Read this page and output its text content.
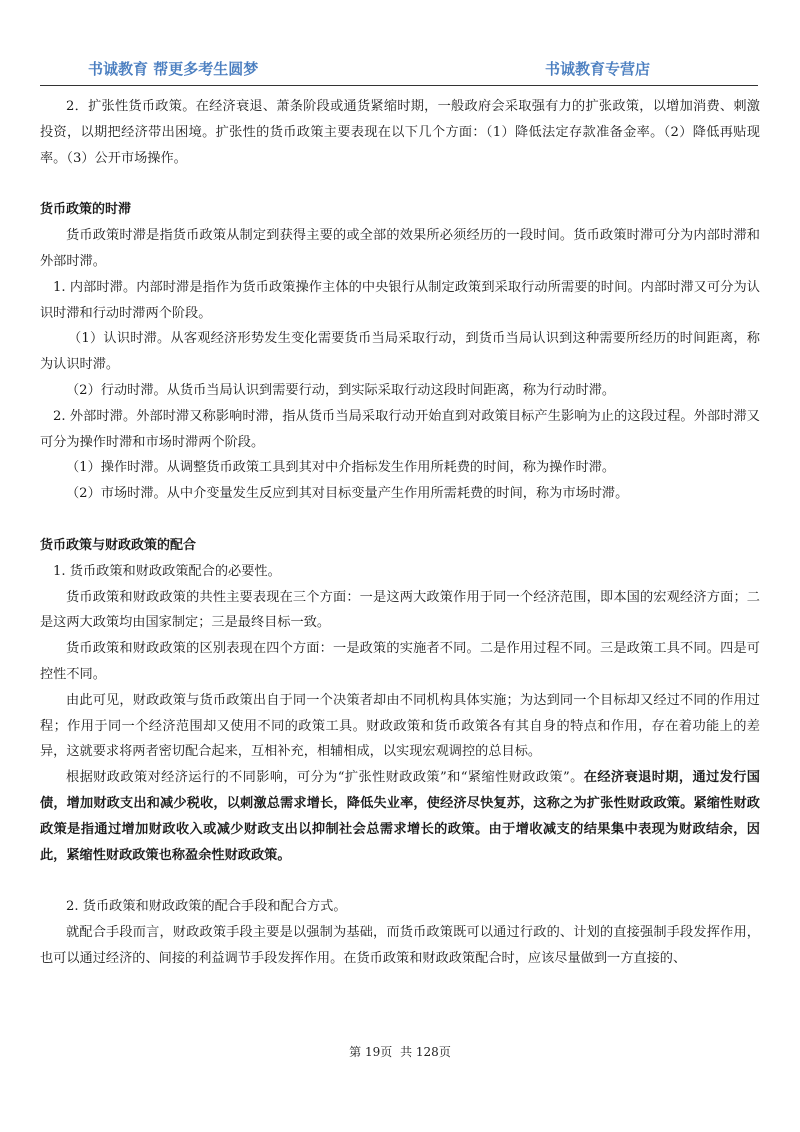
书诚教育 帮更多考生圆梦	书诚教育专营店

2．扩张性货币政策。在经济衰退、萧条阶段或通货紧缩时期，一般政府会采取强有力的扩张政策，以增加消费、刺激投资，以期把经济带出困境。扩张性的货币政策主要表现在以下几个方面：（1）降低法定存款准备金率。（2）降低再贴现率。（3）公开市场操作。

货币政策的时滞

货币政策时滞是指货币政策从制定到获得主要的或全部的效果所必须经历的一段时间。货币政策时滞可分为内部时滞和外部时滞。

1. 内部时滞。内部时滞是指作为货币政策操作主体的中央银行从制定政策到采取行动所需要的时间。内部时滞又可分为认识时滞和行动时滞两个阶段。

（1）认识时滞。从客观经济形势发生变化需要货币当局采取行动，到货币当局认识到这种需要所经历的时间距离，称为认识时滞。

（2）行动时滞。从货币当局认识到需要行动，到实际采取行动这段时间距离，称为行动时滞。

2. 外部时滞。外部时滞又称影响时滞，指从货币当局采取行动开始直到对政策目标产生影响为止的这段过程。外部时滞又可分为操作时滞和市场时滞两个阶段。

（1）操作时滞。从调整货币政策工具到其对中介指标发生作用所耗费的时间，称为操作时滞。

（2）市场时滞。从中介变量发生反应到其对目标变量产生作用所需耗费的时间，称为市场时滞。

货币政策与财政政策的配合

1. 货币政策和财政政策配合的必要性。

货币政策和财政政策的共性主要表现在三个方面：一是这两大政策作用于同一个经济范围，即本国的宏观经济方面；二是这两大政策均由国家制定；三是最终目标一致。

货币政策和财政政策的区别表现在四个方面：一是政策的实施者不同。二是作用过程不同。三是政策工具不同。四是可控性不同。

由此可见，财政政策与货币政策出自于同一个决策者却由不同机构具体实施；为达到同一个目标却又经过不同的作用过程；作用于同一个经济范围却又使用不同的政策工具。财政政策和货币政策各有其自身的特点和作用，存在着功能上的差异，这就要求将两者密切配合起来，互相补充，相辅相成，以实现宏观调控的总目标。

根据财政政策对经济运行的不同影响，可分为“扩张性财政政策”和“紧缩性财政政策”。在经济衰退时期，通过发行国债，增加财政支出和减少税收，以刺激总需求增长，降低失业率，使经济尽快复苏，这称之为扩张性财政政策。紧缩性财政政策是指通过增加财政收入或减少财政支出以抑制社会总需求增长的政策。由于增收减支的结果集中表现为财政结余，因此，紧缩性财政政策也称盈余性财政政策。

2. 货币政策和财政政策的配合手段和配合方式。

就配合手段而言，财政政策手段主要是以强制为基础，而货币政策既可以通过行政的、计划的直接强制手段发挥作用，也可以通过经济的、间接的利益调节手段发挥作用。在货币政策和财政政策配合时，应该尽量做到一方直接的、

第 19页 共 128页
